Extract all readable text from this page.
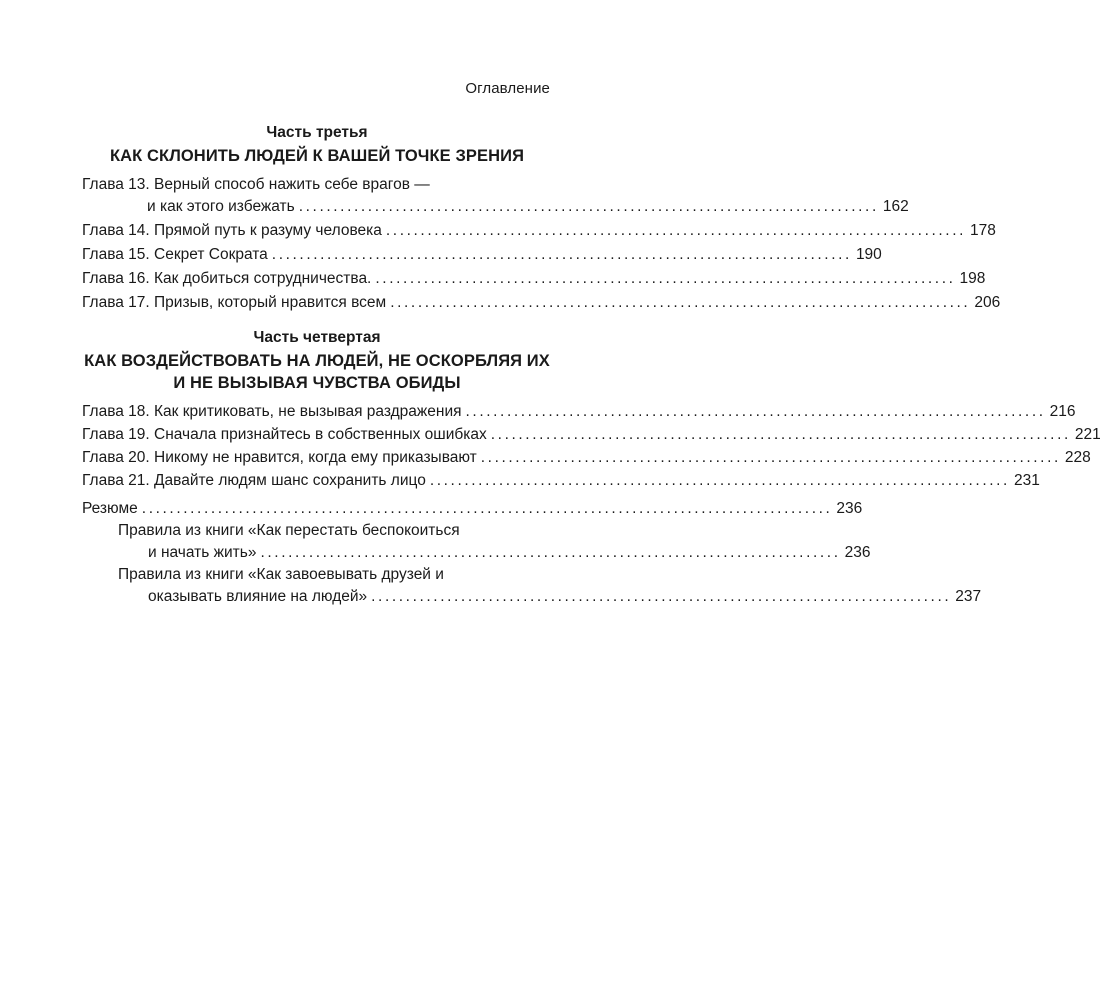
Оглавление
Часть третья
КАК СКЛОНИТЬ ЛЮДЕЙ К ВАШЕЙ ТОЧКЕ ЗРЕНИЯ
Глава 13. Верный способ нажить себе врагов —
и как этого избежать .................................................................................... 162
Глава 14. Прямой путь к разуму человека .................................................................................... 178
Глава 15. Секрет Сократа .................................................................................... 190
Глава 16. Как добиться сотрудничества. .................................................................................... 198
Глава 17. Призыв, который нравится всем .................................................................................... 206
Часть четвертая
КАК ВОЗДЕЙСТВОВАТЬ НА ЛЮДЕЙ, НЕ ОСКОРБЛЯЯ ИХ
И НЕ ВЫЗЫВАЯ ЧУВСТВА ОБИДЫ
Глава 18. Как критиковать, не вызывая раздражения .................................................................................... 216
Глава 19. Сначала признайтесь в собственных ошибках .................................................................................... 221
Глава 20. Никому не нравится, когда ему приказывают .................................................................................... 228
Глава 21. Давайте людям шанс сохранить лицо .................................................................................... 231
Резюме .................................................................................................... 236
Правила из книги «Как перестать беспокоиться
и начать жить» .................................................................................... 236
Правила из книги «Как завоевывать друзей и
оказывать влияние на людей» .................................................................................... 237
